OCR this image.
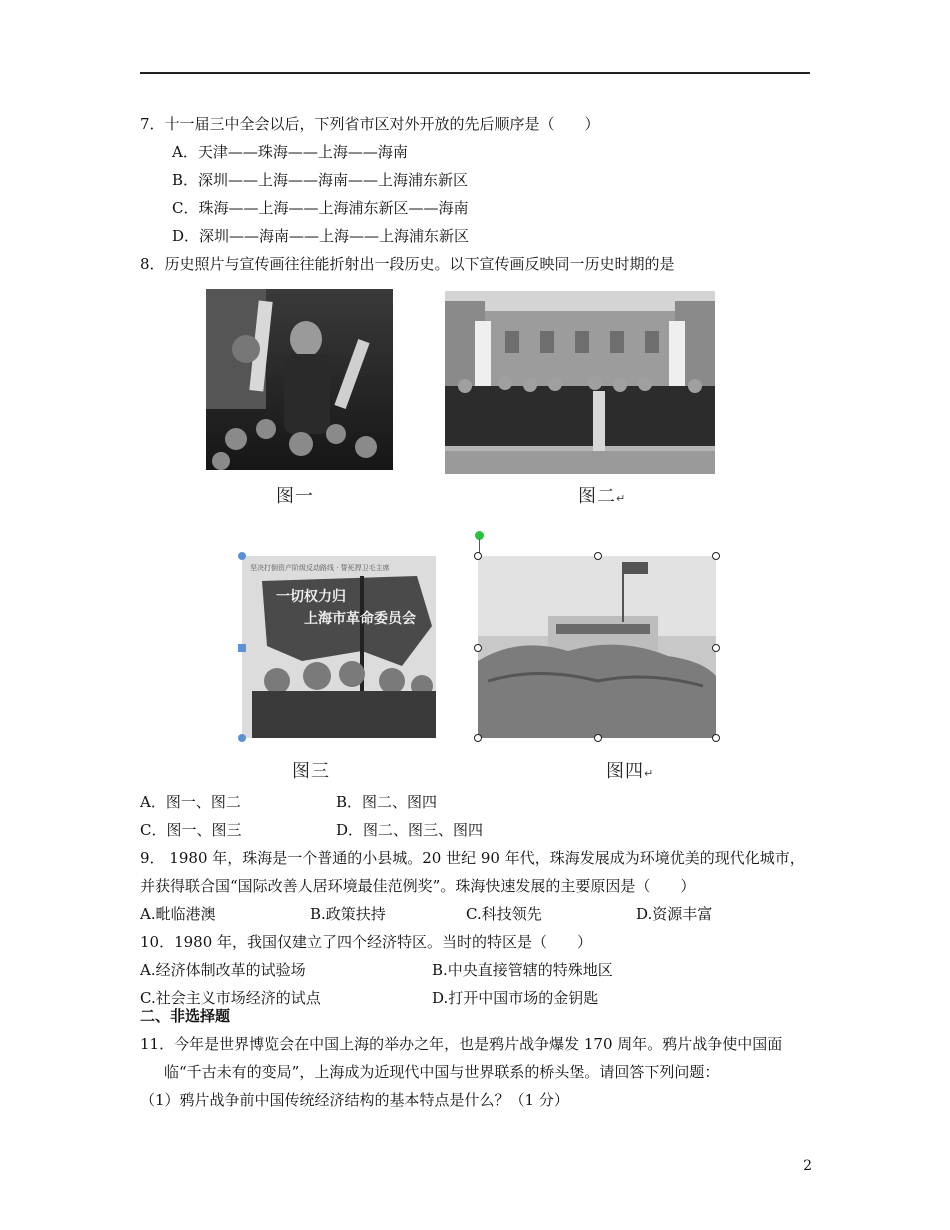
7．十一届三中全会以后，下列省市区对外开放的先后顺序是（　　）
A．天津——珠海——上海——海南
B．深圳——上海——海南——上海浦东新区
C．珠海——上海——上海浦东新区——海南
D．深圳——海南——上海——上海浦东新区
8．历史照片与宣传画往往能折射出一段历史。以下宣传画反映同一历史时期的是
图一	图二↵
坚决打倒资产阶级反动路线 · 誓死捍卫毛主席
一切权力归
上海市革命委员会
图三	图四↵
A．图一、图二	B．图二、图四
C．图一、图三	D．图二、图三、图四
9． 1980 年，珠海是一个普通的小县城。20 世纪 90 年代，珠海发展成为环境优美的现代化城市，
并获得联合国“国际改善人居环境最佳范例奖”。珠海快速发展的主要原因是（　　）
A.毗临港澳	B.政策扶持	C.科技领先	D.资源丰富
10．1980 年，我国仅建立了四个经济特区。当时的特区是（　　）
A.经济体制改革的试验场	B.中央直接管辖的特殊地区
C.社会主义市场经济的试点	D.打开中国市场的金钥匙
二、非选择题
11．今年是世界博览会在中国上海的举办之年，也是鸦片战争爆发 170 周年。鸦片战争使中国面
临“千古未有的变局”，上海成为近现代中国与世界联系的桥头堡。请回答下列问题：
（1）鸦片战争前中国传统经济结构的基本特点是什么？（1 分）
2
